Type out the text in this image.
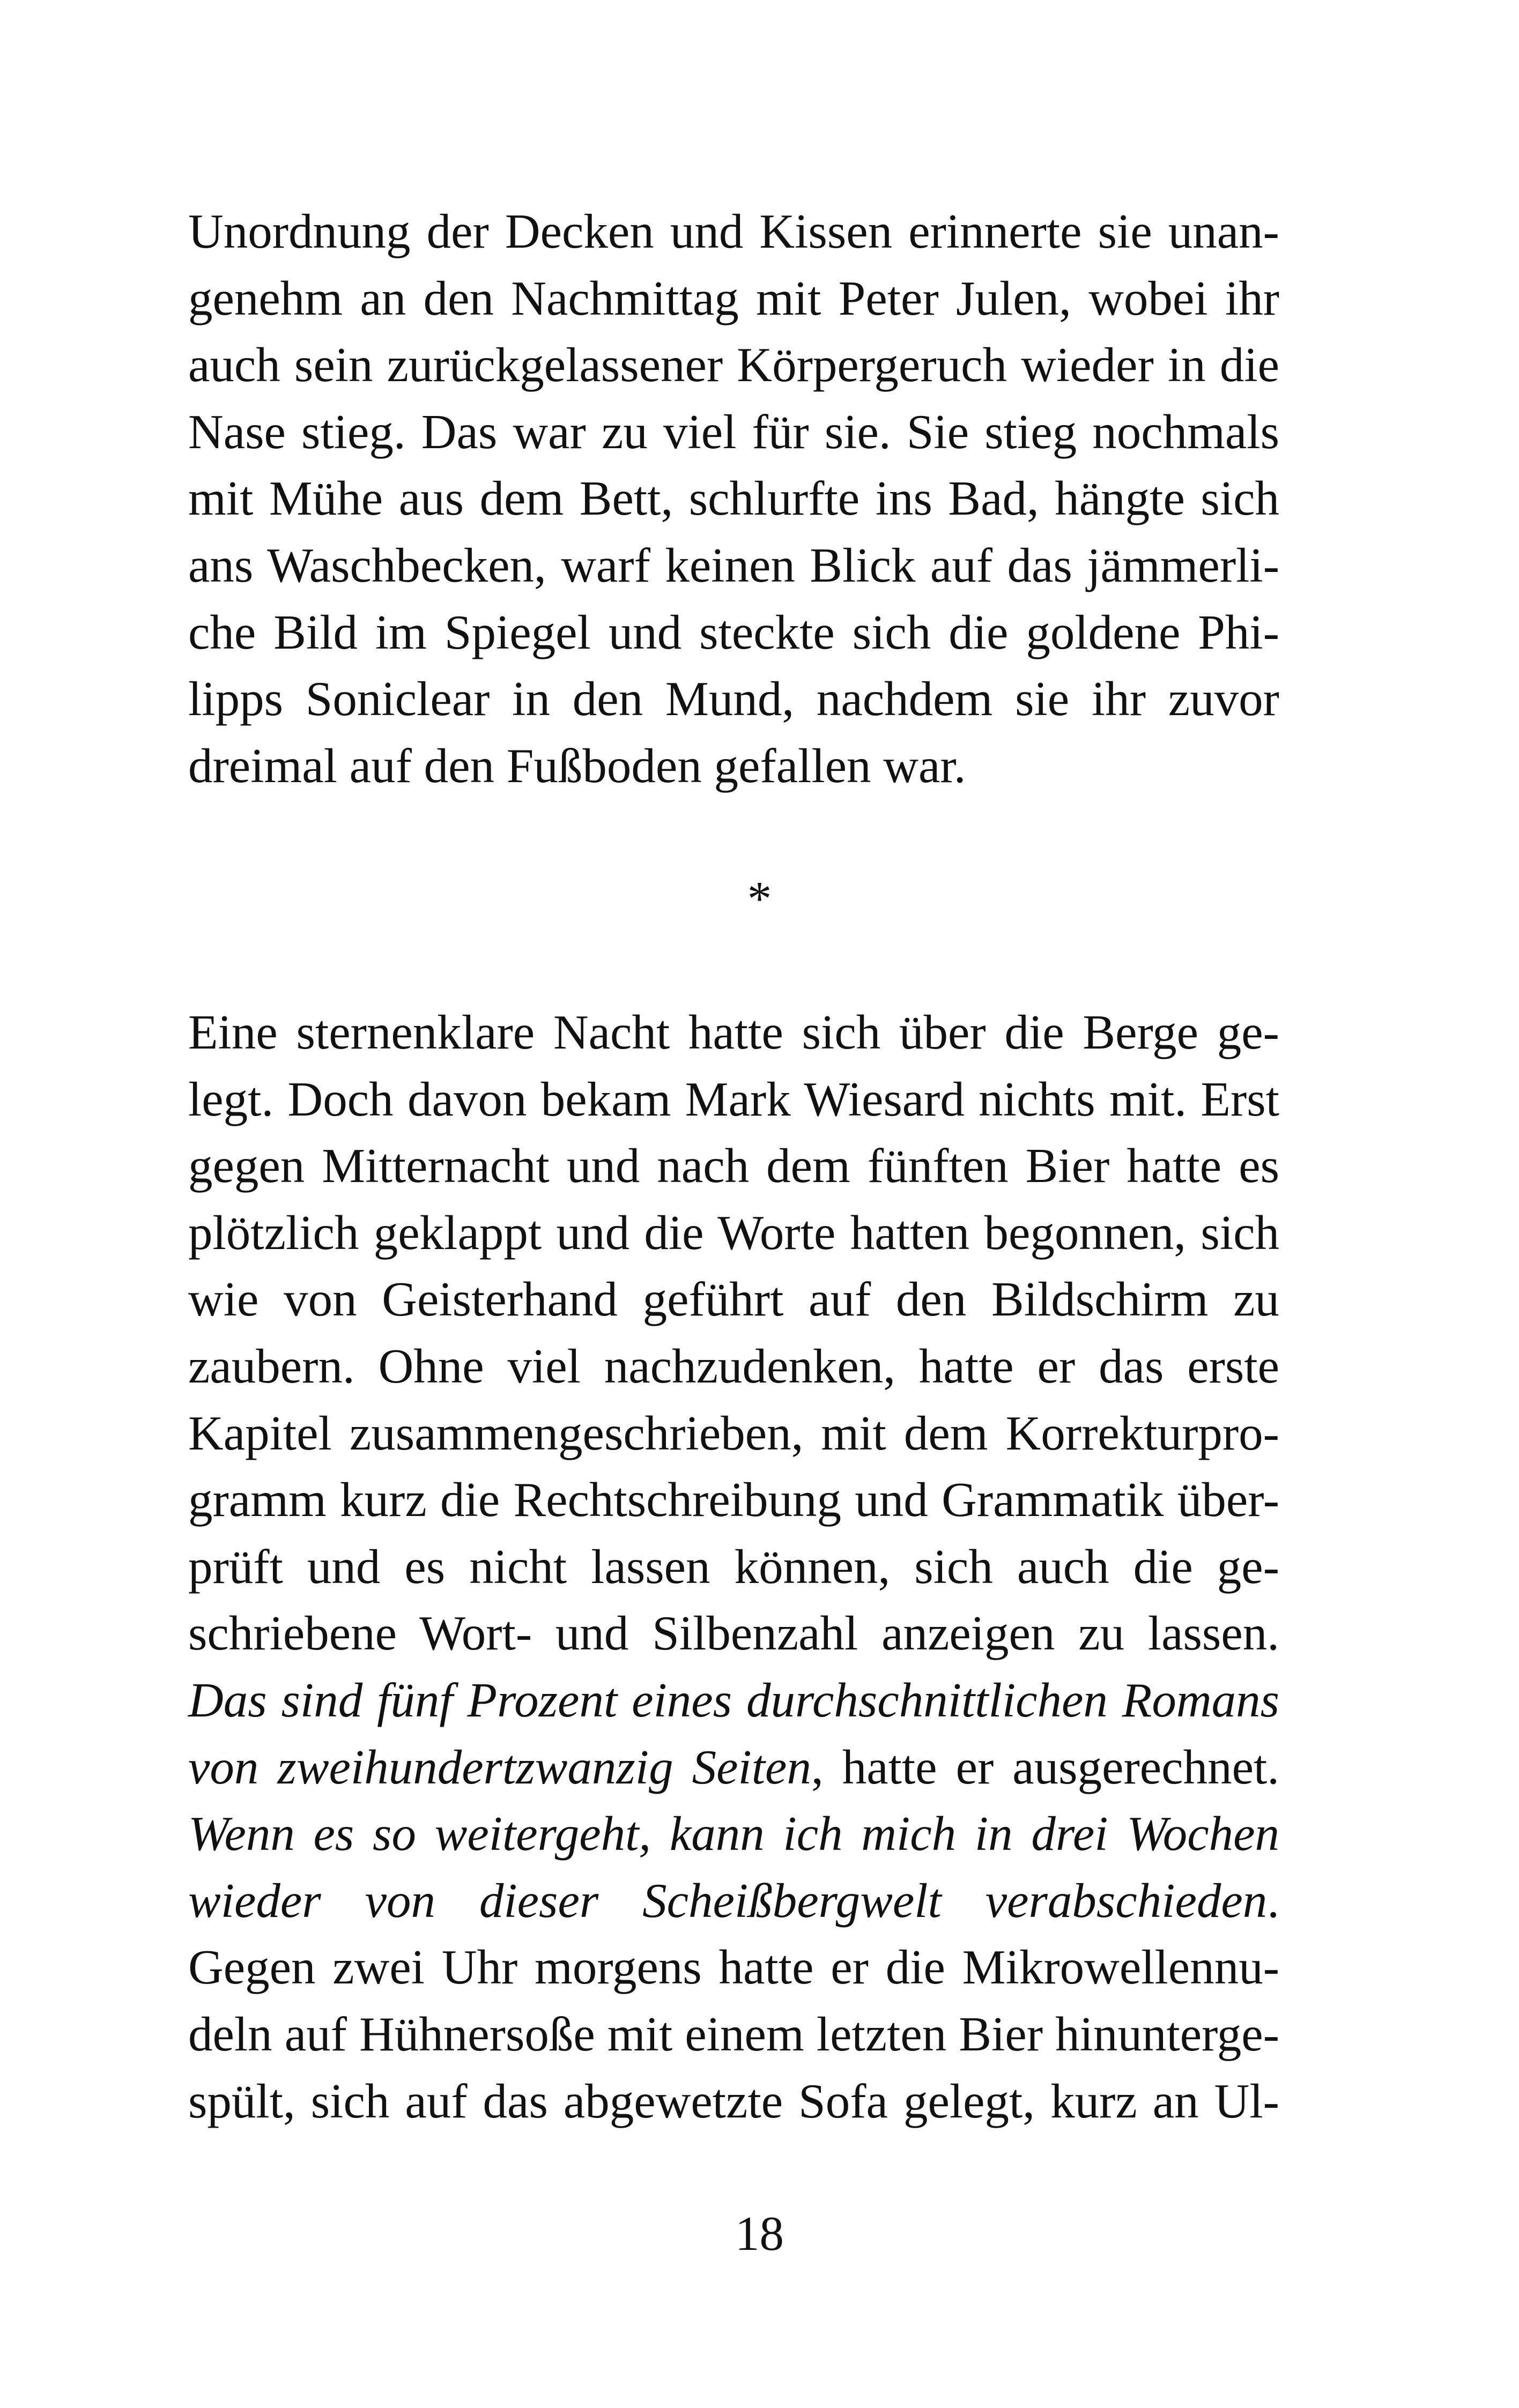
Unordnung der Decken und Kissen erinnerte sie unan-
genehm an den Nachmittag mit Peter Julen, wobei ihr
auch sein zurückgelassener Körpergeruch wieder in die
Nase stieg. Das war zu viel für sie. Sie stieg nochmals
mit Mühe aus dem Bett, schlurfte ins Bad, hängte sich
ans Waschbecken, warf keinen Blick auf das jämmerli-
che Bild im Spiegel und steckte sich die goldene Phi-
lipps Soniclear in den Mund, nachdem sie ihr zuvor
dreimal auf den Fußboden gefallen war.
*
Eine sternenklare Nacht hatte sich über die Berge ge-
legt. Doch davon bekam Mark Wiesard nichts mit. Erst
gegen Mitternacht und nach dem fünften Bier hatte es
plötzlich geklappt und die Worte hatten begonnen, sich
wie von Geisterhand geführt auf den Bildschirm zu
zaubern. Ohne viel nachzudenken, hatte er das erste
Kapitel zusammengeschrieben, mit dem Korrekturpro-
gramm kurz die Rechtschreibung und Grammatik über-
prüft und es nicht lassen können, sich auch die ge-
schriebene Wort- und Silbenzahl anzeigen zu lassen.
Das sind fünf Prozent eines durchschnittlichen Romans
von zweihundertzwanzig Seiten, hatte er ausgerechnet.
Wenn es so weitergeht, kann ich mich in drei Wochen
wieder von dieser Scheißbergwelt verabschieden.
Gegen zwei Uhr morgens hatte er die Mikrowellennu-
deln auf Hühnersoße mit einem letzten Bier hinunterge-
spült, sich auf das abgewetzte Sofa gelegt, kurz an Ul-
18
